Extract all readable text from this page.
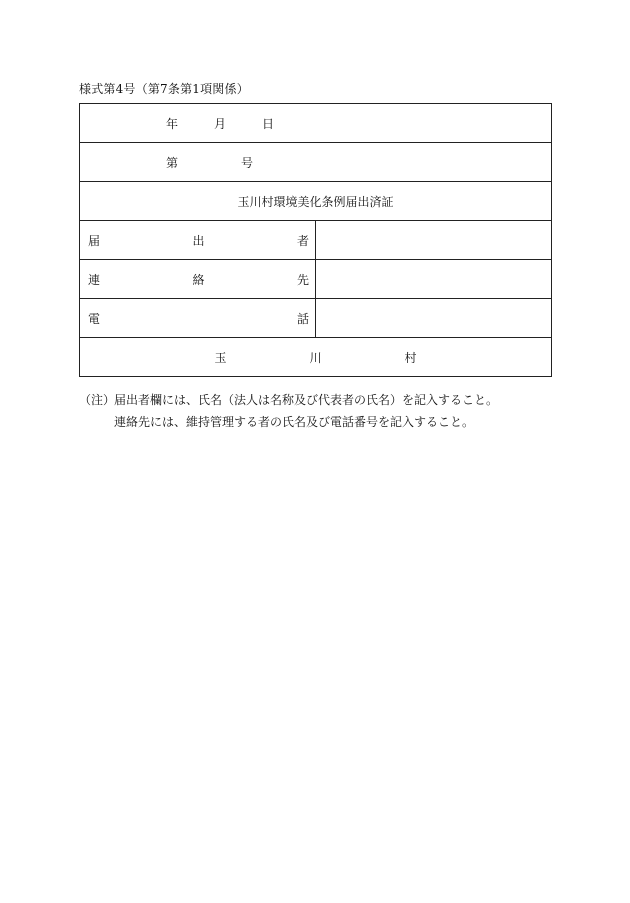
様式第4号（第7条第1項関係）
年 月 日	

第 号	

玉川村環境美化条例届出済証	

届 出 者	

連 絡 先	

電 話	

玉 川 村	
（注）
届出者欄には、氏名（法人は名称及び代表者の氏名）を記入すること。
連絡先には、維持管理する者の氏名及び電話番号を記入すること。
